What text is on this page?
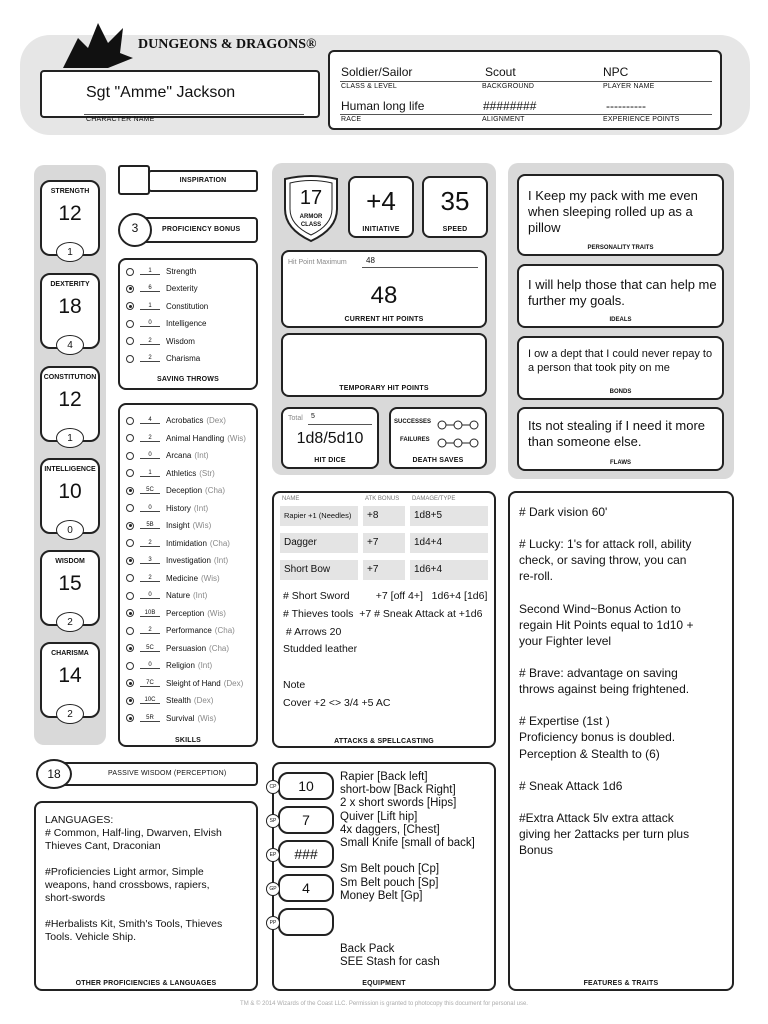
DUNGEONS & DRAGONS®
Sgt "Amme" Jackson
CHARACTER NAME
Soldier/Sailor	Scout	NPC
CLASS & LEVEL	BACKGROUND	PLAYER NAME
Human long life	########	----------
RACE	ALIGNMENT	EXPERIENCE POINTS
STRENGTH
12
1
DEXTERITY
18
4
CONSTITUTION
12
1
INTELLIGENCE
10
0
WISDOM
15
2
CHARISMA
14
2
INSPIRATION
3	PROFICIENCY BONUS
1	Strength
6	Dexterity
1	Constitution
0	Intelligence
2	Wisdom
2	Charisma
SAVING THROWS
4	Acrobatics (Dex)
2	Animal Handling (Wis)
0	Arcana (Int)
1	Athletics (Str)
5C	Deception (Cha)
0	History (Int)
5B	Insight (Wis)
2	Intimidation (Cha)
3	Investigation (Int)
2	Medicine (Wis)
0	Nature (Int)
10B	Perception (Wis)
2	Performance (Cha)
5C	Persuasion (Cha)
0	Religion (Int)
7C	Sleight of Hand (Dex)
10C	Stealth (Dex)
5R	Survival (Wis)
SKILLS
18	PASSIVE WISDOM (PERCEPTION)
LANGUAGES:
# Common, Half-ling, Dwarven, Elvish
Thieves Cant, Draconian
#Proficiencies Light armor, Simple
weapons, hand crossbows, rapiers,
short-swords
#Herbalists Kit, Smith's Tools, Thieves
Tools. Vehicle Ship.
OTHER PROFICIENCIES & LANGUAGES
17
ARMOR CLASS
+4
INITIATIVE
35
SPEED
Hit Point Maximum 48
48
CURRENT HIT POINTS
TEMPORARY HIT POINTS
Total 5
1d8/5d10
HIT DICE
SUCCESSES
FAILURES
DEATH SAVES
NAME	ATK BONUS DAMAGE/TYPE
Rapier +1 (Needles)	+8	1d8+5
Dagger	+7	1d4+4
Short Bow	+7	1d6+4
# Short Sword         +7 [off 4+]   1d6+4 [1d6]
# Thieves tools  +7 # Sneak Attack at +1d6
# Arrows 20
Studded leather
Note
Cover +2 <> 3/4 +5 AC
ATTACKS & SPELLCASTING
10
CP
7
SP
###
EP
4
GP
PP
Rapier [Back left]
short-bow [Back Right]
2 x short swords [Hips]
Quiver [Lift hip]
4x daggers, [Chest]
Small Knife [small of back]
Sm Belt pouch [Cp]
Sm Belt pouch [Sp]
Money Belt [Gp]
Back Pack
SEE Stash for cash
EQUIPMENT
I Keep my pack with me even when sleeping rolled up as a pillow
PERSONALITY TRAITS
I will help those that can help me further my goals.
IDEALS
I ow a dept that I could never repay to a person that took pity on me
BONDS
Its not stealing if I need it more than someone else.
FLAWS
# Dark vision 60'
# Lucky: 1's for attack roll, ability
check, or saving throw, you can
re-roll.
Second Wind~Bonus Action to
regain Hit Points equal to 1d10 +
your Fighter level
# Brave: advantage on saving
throws against being frightened.
# Expertise (1st )
Proficiency bonus is doubled.
Perception & Stealth to (6)
# Sneak Attack 1d6
#Extra Attack 5lv extra attack
giving her 2attacks per turn plus
Bonus
FEATURES & TRAITS
TM & © 2014 Wizards of the Coast LLC. Permission is granted to photocopy this document for personal use.
